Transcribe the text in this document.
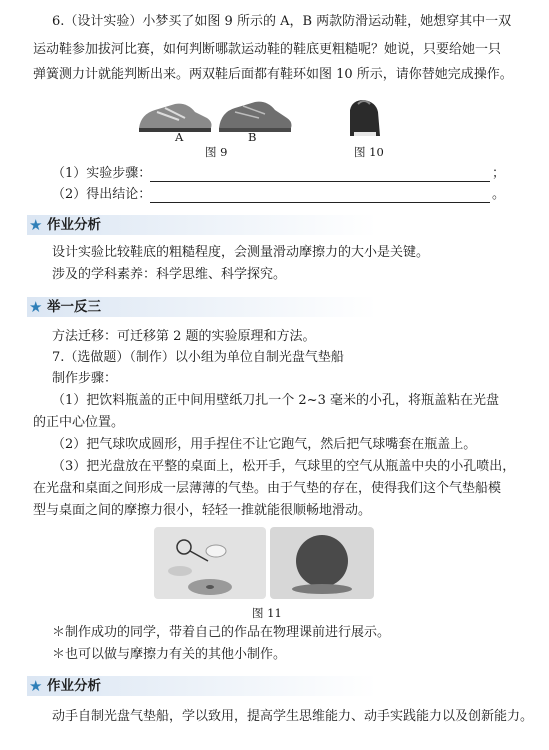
6.（设计实验）小梦买了如图 9 所示的 A，B 两款防滑运动鞋，她想穿其中一双
运动鞋参加拔河比赛，如何判断哪款运动鞋的鞋底更粗糙呢？她说，只要给她一只
弹簧测力计就能判断出来。两双鞋后面都有鞋环如图 10 所示，请你替她完成操作。
A	B
图 9	图 10
（1）实验步骤：	；
（2）得出结论：	。
★ 作业分析
设计实验比较鞋底的粗糙程度，会测量滑动摩擦力的大小是关键。
涉及的学科素养：科学思维、科学探究。
★ 举一反三
方法迁移：可迁移第 2 题的实验原理和方法。
7.（选做题）（制作）以小组为单位自制光盘气垫船
制作步骤：
（1）把饮料瓶盖的正中间用壁纸刀扎一个 2~3 毫米的小孔，将瓶盖粘在光盘
的正中心位置。
（2）把气球吹成圆形，用手捏住不让它跑气，然后把气球嘴套在瓶盖上。
（3）把光盘放在平整的桌面上，松开手，气球里的空气从瓶盖中央的小孔喷出，
在光盘和桌面之间形成一层薄薄的气垫。由于气垫的存在，使得我们这个气垫船模
型与桌面之间的摩擦力很小，轻轻一推就能很顺畅地滑动。
图 11
＊制作成功的同学，带着自己的作品在物理课前进行展示。
＊也可以做与摩擦力有关的其他小制作。
★ 作业分析
动手自制光盘气垫船，学以致用，提高学生思维能力、动手实践能力以及创新能力。
